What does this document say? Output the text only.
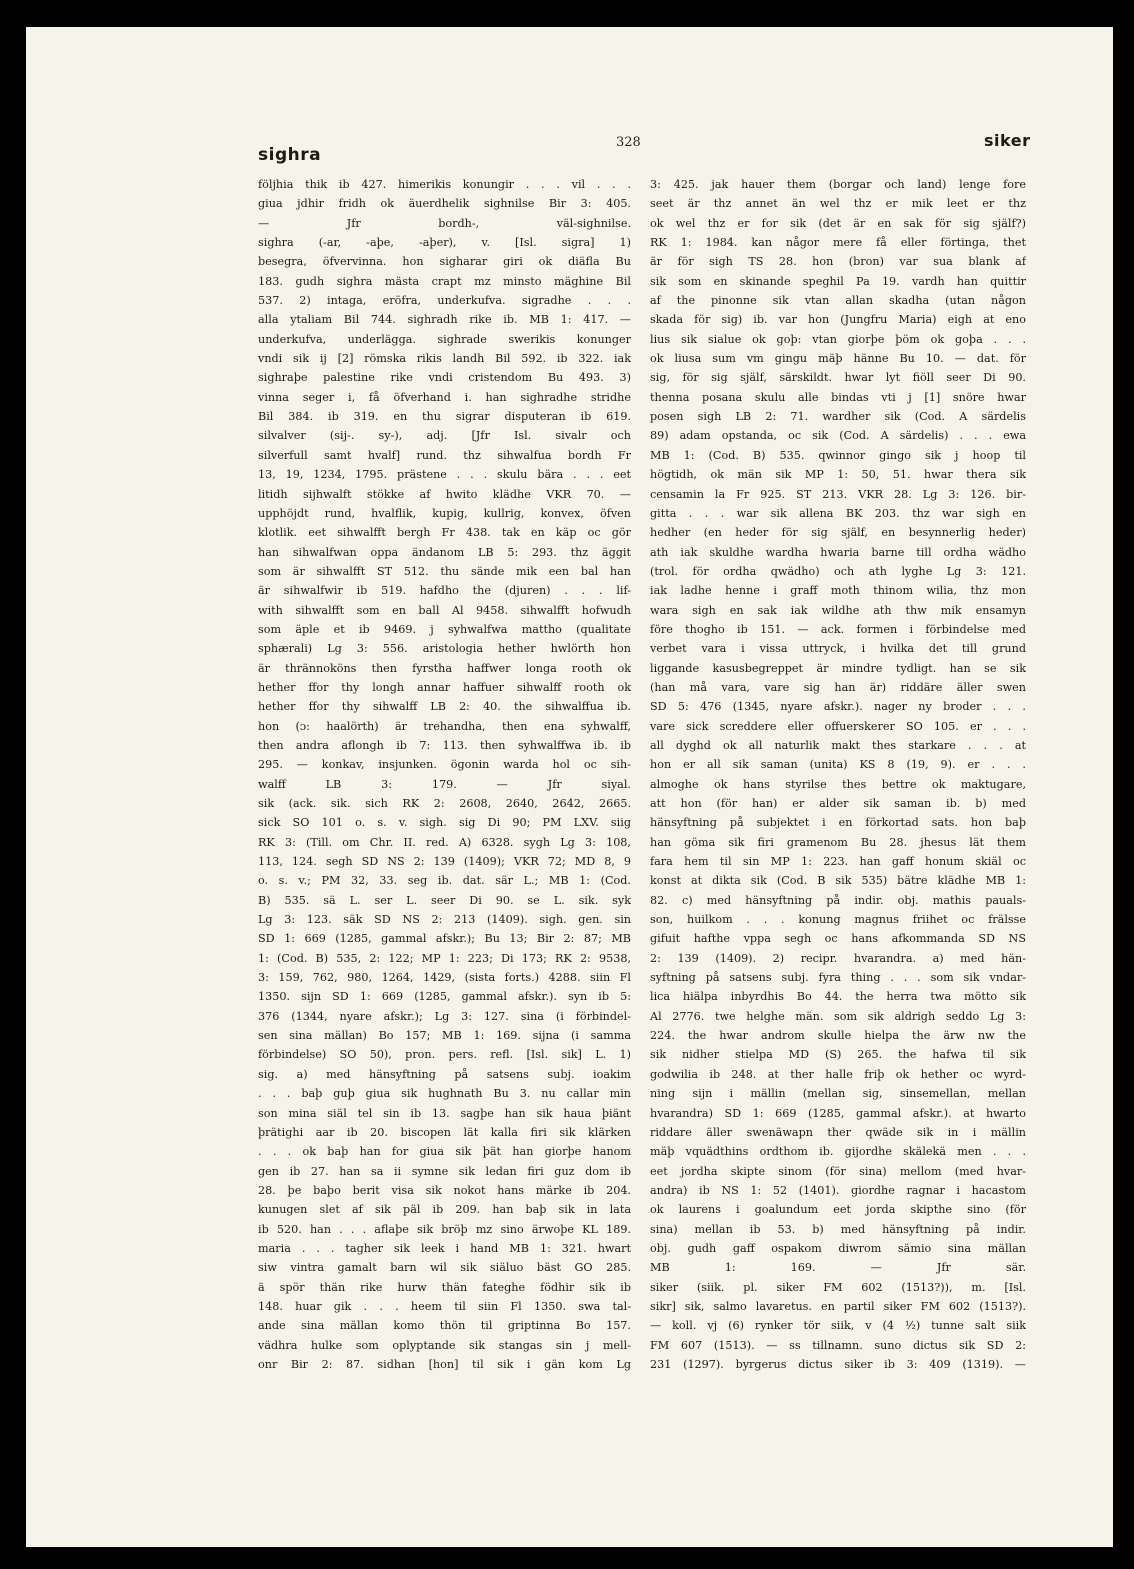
sighra
328	siker
följhia thik ib 427. himerikis konungir . . . vil . . .
giua jdhir fridh ok äuerdhelik sighnilse Bir 3: 405.
— Jfr bordh-, väl-sighnilse.
sighra (-ar, -aþe, -aþer), v. [Isl. sigra] 1)
besegra, öfvervinna. hon sigharar giri ok diäfla Bu
183. gudh sighra mästa crapt mz minsto mäghine Bil
537. 2) intaga, eröfra, underkufva. sigradhe . . .
alla ytaliam Bil 744. sighradh rike ib. MB 1: 417. —
underkufva, underlägga. sighrade swerikis konunger
vndi sik ij [2] römska rikis landh Bil 592. ib 322. iak
sighraþe palestine rike vndi cristendom Bu 493. 3)
vinna seger i, få öfverhand i. han sighradhe stridhe
Bil 384. ib 319. en thu sigrar disputeran ib 619.
silvalver (sij-. sy-), adj. [Jfr Isl. sivalr och
silverfull samt hvalf] rund. thz sihwalfua bordh Fr
13, 19, 1234, 1795. prästene . . . skulu bära . . . eet
litidh sijhwalft stökke af hwito klädhe VKR 70. —
upphöjdt rund, hvalflik, kupig, kullrig, konvex, öfven
klotlik. eet sihwalfft bergh Fr 438. tak en käp oc gör
han sihwalfwan oppa ändanom LB 5: 293. thz äggit
som är sihwalfft ST 512. thu sände mik een bal han
är sihwalfwir ib 519. hafdho the (djuren) . . . lif-
with sihwalfft som en ball Al 9458. sihwalfft hofwudh
som äple et ib 9469. j syhwalfwa mattho (qualitate
sphærali) Lg 3: 556. aristologia hether hwlörth hon
är thrännoköns then fyrstha haffwer longa rooth ok
hether ffor thy longh annar haffuer sihwalff rooth ok
hether ffor thy sihwalff LB 2: 40. the sihwalffua ib.
hon (ɔ: haalörth) är trehandha, then ena syhwalff,
then andra aflongh ib 7: 113. then syhwalffwa ib. ib
295. — konkav, insjunken. ögonin warda hol oc sih-
walff LB 3: 179. — Jfr siyal.
sik (ack. sik. sich RK 2: 2608, 2640, 2642, 2665.
sick SO 101 o. s. v. sigh. sig Di 90; PM LXV. siig
RK 3: (Till. om Chr. II. red. A) 6328. sygh Lg 3: 108,
113, 124. segh SD NS 2: 139 (1409); VKR 72; MD 8, 9
o. s. v.; PM 32, 33. seg ib. dat. sär L.; MB 1: (Cod.
B) 535. sä L. ser L. seer Di 90. se L. sik. syk
Lg 3: 123. säk SD NS 2: 213 (1409). sigh. gen. sin
SD 1: 669 (1285, gammal afskr.); Bu 13; Bir 2: 87; MB
1: (Cod. B) 535, 2: 122; MP 1: 223; Di 173; RK 2: 9538,
3: 159, 762, 980, 1264, 1429, (sista forts.) 4288. siin Fl
1350. sijn SD 1: 669 (1285, gammal afskr.). syn ib 5:
376 (1344, nyare afskr.); Lg 3: 127. sina (i förbindel-
sen sina mällan) Bo 157; MB 1: 169. sijna (i samma
förbindelse) SO 50), pron. pers. refl. [Isl. sik] L. 1)
sig. a) med hänsyftning på satsens subj. ioakim
. . . baþ guþ giua sik hughnath Bu 3. nu callar min
son mina siäl tel sin ib 13. sagþe han sik haua þiänt
þrätighi aar ib 20. biscopen lät kalla firi sik klärken
. . . ok baþ han for giua sik þät han giorþe hanom
gen ib 27. han sa ii symne sik ledan firi guz dom ib
28. þe baþo berit visa sik nokot hans märke ib 204.
kunugen slet af sik päl ib 209. han baþ sik in lata
ib 520. han . . . aflaþe sik bröþ mz sino ärwoþe KL 189.
maria . . . tagher sik leek i hand MB 1: 321. hwart
siw vintra gamalt barn wil sik siäluo bäst GO 285.
ä spör thän rike hurw thän fateghe födhir sik ib
148. huar gik . . . heem til siin Fl 1350. swa tal-
ande sina mällan komo thön til griptinna Bo 157.
vädhra hulke som oplyptande sik stangas sin j mell-
onr Bir 2: 87. sidhan [hon] til sik i gän kom Lg
3: 425. jak hauer them (borgar och land) lenge fore
seet är thz annet än wel thz er mik leet er thz
ok wel thz er for sik (det är en sak för sig själf?)
RK 1: 1984. kan någor mere få eller förtinga, thet
är för sigh TS 28. hon (bron) var sua blank af
sik som en skinande speghil Pa 19. vardh han quittir
af the pinonne sik vtan allan skadha (utan någon
skada för sig) ib. var hon (Jungfru Maria) eigh at eno
lius sik sialue ok goþ: vtan giorþe þöm ok goþa . . .
ok liusa sum vm gingu mäþ hänne Bu 10. — dat. för
sig, för sig själf, särskildt. hwar lyt fiöll seer Di 90.
thenna posana skulu alle bindas vti j [1] snöre hwar
posen sigh LB 2: 71. wardher sik (Cod. A särdelis
89) adam opstanda, oc sik (Cod. A särdelis) . . . ewa
MB 1: (Cod. B) 535. qwinnor gingo sik j hoop til
högtidh, ok män sik MP 1: 50, 51. hwar thera sik
censamin la Fr 925. ST 213. VKR 28. Lg 3: 126. bir-
gitta . . . war sik allena BK 203. thz war sigh en
hedher (en heder för sig själf, en besynnerlig heder)
ath iak skuldhe wardha hwaria barne till ordha wädho
(trol. för ordha qwädho) och ath lyghe Lg 3: 121.
iak ladhe henne i graff moth thinom wilia, thz mon
wara sigh en sak iak wildhe ath thw mik ensamyn
före thogho ib 151. — ack. formen i förbindelse med
verbet vara i vissa uttryck, i hvilka det till grund
liggande kasusbegreppet är mindre tydligt. han se sik
(han må vara, vare sig han är) riddäre äller swen
SD 5: 476 (1345, nyare afskr.). nager ny broder . . .
vare sick screddere eller offuerskerer SO 105. er . . .
all dyghd ok all naturlik makt thes starkare . . . at
hon er all sik saman (unita) KS 8 (19, 9). er . . .
almoghe ok hans styrilse thes bettre ok maktugare,
att hon (för han) er alder sik saman ib. b) med
hänsyftning på subjektet i en förkortad sats. hon baþ
han göma sik firi gramenom Bu 28. jhesus lät them
fara hem til sin MP 1: 223. han gaff honum skiäl oc
konst at dikta sik (Cod. B sik 535) bätre klädhe MB 1:
82. c) med hänsyftning på indir. obj. mathis pauals-
son, huilkom . . . konung magnus friihet oc frälsse
gifuit hafthe vppa segh oc hans afkommanda SD NS
2: 139 (1409). 2) recipr. hvarandra. a) med hän-
syftning på satsens subj. fyra thing . . . som sik vndar-
lica hiälpa inbyrdhis Bo 44. the herra twa mötto sik
Al 2776. twe helghe män. som sik aldrigh seddo Lg 3:
224. the hwar androm skulle hielpa the ärw nw the
sik nidher stielpa MD (S) 265. the hafwa til sik
godwilia ib 248. at ther halle friþ ok hether oc wyrd-
ning sijn i mällin (mellan sig, sinsemellan, mellan
hvarandra) SD 1: 669 (1285, gammal afskr.). at hwarto
riddare äller swenäwapn ther qwäde sik in i mällin
mäþ vquädthins ordthom ib. gijordhe skälekä men . . .
eet jordha skipte sinom (för sina) mellom (med hvar-
andra) ib NS 1: 52 (1401). giordhe ragnar i hacastom
ok laurens i goalundum eet jorda skipthe sino (för
sina) mellan ib 53. b) med hänsyftning på indir.
obj. gudh gaff ospakom diwrom sämio sina mällan
MB 1: 169. — Jfr sär.
siker (siik. pl. siker FM 602 (1513?)), m. [Isl.
sikr] sik, salmo lavaretus. en partil siker FM 602 (1513?).
— koll. vj (6) rynker tör siik, v (4 ½) tunne salt siik
FM 607 (1513). — ss tillnamn. suno dictus sik SD 2:
231 (1297). byrgerus dictus siker ib 3: 409 (1319). —
